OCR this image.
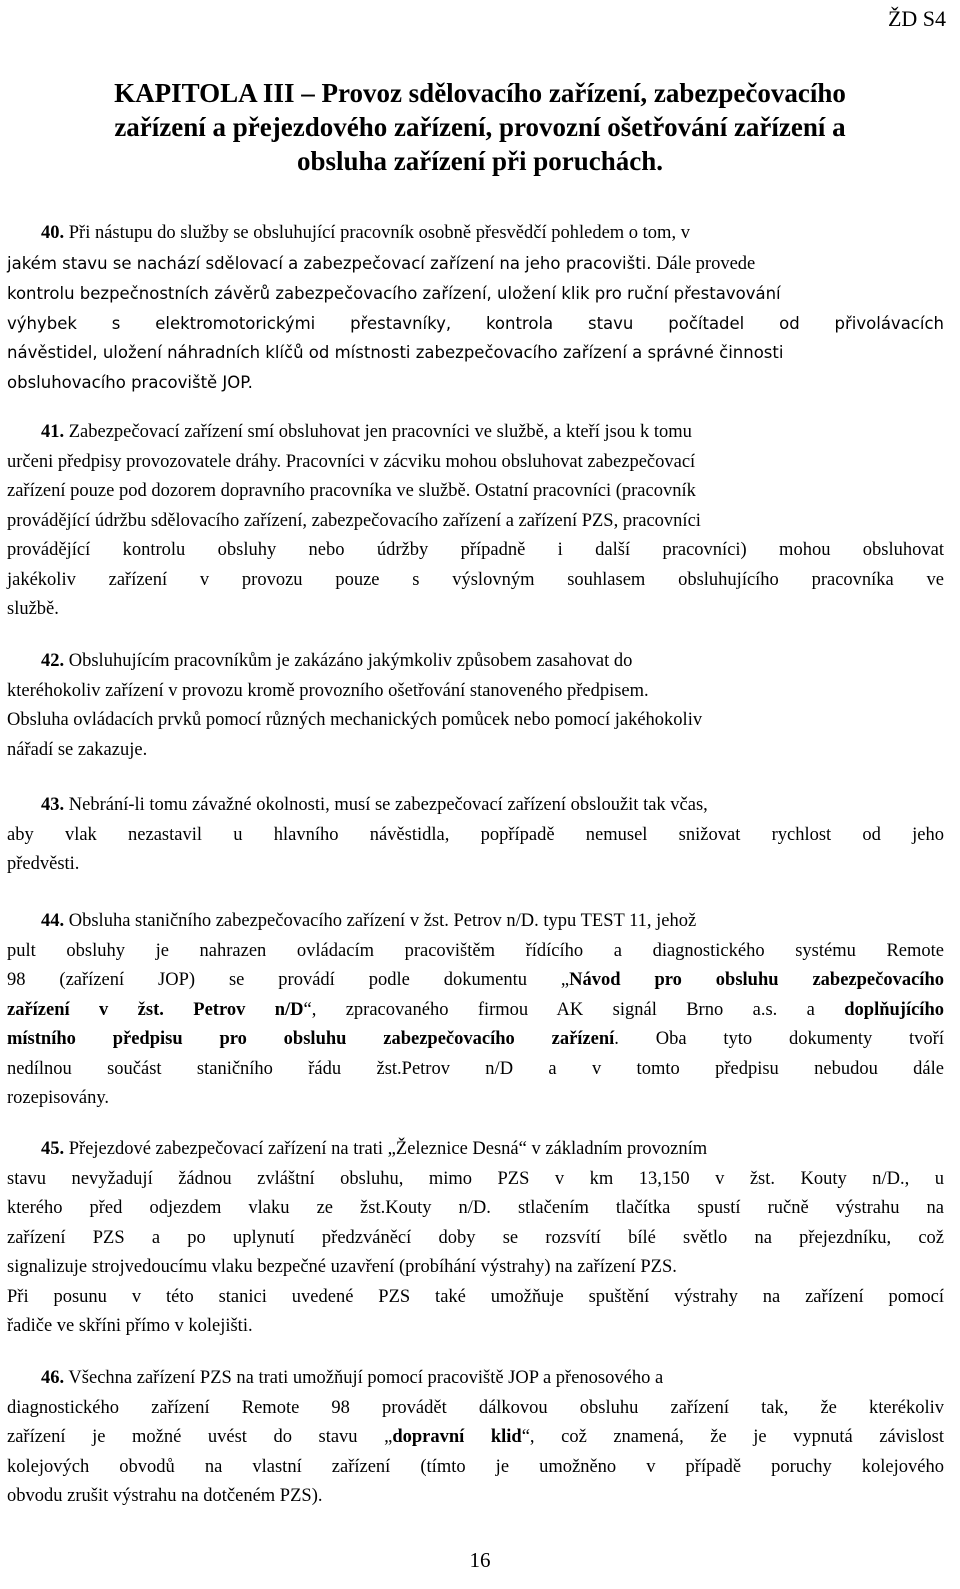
ŽD S4
KAPITOLA III – Provoz sdělovacího zařízení, zabezpečovacího
zařízení a přejezdového zařízení, provozní ošetřování zařízení a
obsluha zařízení při poruchách.
40. Při nástupu do služby se obsluhující pracovník osobně přesvědčí pohledem o tom, v
jakém stavu se nachází sdělovací a zabezpečovací zařízení na jeho pracovišti. Dále provede
kontrolu bezpečnostních závěrů zabezpečovacího zařízení, uložení klik pro ruční přestavování
výhybek s elektromotorickými přestavníky, kontrola stavu počítadel od přivolávacích
návěstidel, uložení náhradních klíčů od místnosti zabezpečovacího zařízení a správné činnosti
obsluhovacího pracoviště JOP.
41. Zabezpečovací zařízení smí obsluhovat jen pracovníci ve službě, a kteří jsou k tomu
určeni předpisy provozovatele dráhy. Pracovníci v zácviku mohou obsluhovat zabezpečovací
zařízení pouze pod dozorem dopravního pracovníka ve službě. Ostatní pracovníci (pracovník
provádějící údržbu sdělovacího zařízení, zabezpečovacího zařízení a zařízení PZS, pracovníci
provádějící kontrolu obsluhy nebo údržby případně i další pracovníci) mohou obsluhovat
jakékoliv zařízení v provozu pouze s výslovným souhlasem obsluhujícího pracovníka ve
službě.
42. Obsluhujícím pracovníkům je zakázáno jakýmkoliv způsobem zasahovat do
kteréhokoliv zařízení v provozu kromě provozního ošetřování stanoveného předpisem.
Obsluha ovládacích prvků pomocí různých mechanických pomůcek nebo pomocí jakéhokoliv
nářadí se zakazuje.
43. Nebrání-li tomu závažné okolnosti, musí se zabezpečovací zařízení obsloužit tak včas,
aby vlak nezastavil u hlavního návěstidla, popřípadě nemusel snižovat rychlost od jeho
předvěsti.
44. Obsluha staničního zabezpečovacího zařízení v žst. Petrov n/D. typu TEST 11, jehož
pult obsluhy je nahrazen ovládacím pracovištěm řídícího a diagnostického systému Remote
98 (zařízení JOP) se provádí podle dokumentu „Návod pro obsluhu zabezpečovacího
zařízení v žst. Petrov n/D“, zpracovaného firmou AK signál Brno a.s. a doplňujícího
místního předpisu pro obsluhu zabezpečovacího zařízení. Oba tyto dokumenty tvoří
nedílnou součást staničního řádu žst.Petrov n/D a v tomto předpisu nebudou dále
rozepisovány.
45. Přejezdové zabezpečovací zařízení na trati „Železnice Desná“ v základním provozním
stavu nevyžadují žádnou zvláštní obsluhu, mimo PZS v km 13,150 v žst. Kouty n/D., u
kterého před odjezdem vlaku ze žst.Kouty n/D. stlačením tlačítka spustí ručně výstrahu na
zařízení PZS a po uplynutí předzváněcí doby se rozsvítí bílé světlo na přejezdníku, což
signalizuje strojvedoucímu vlaku bezpečné uzavření (probíhání výstrahy) na zařízení PZS.
Při posunu v této stanici uvedené PZS také umožňuje spuštění výstrahy na zařízení pomocí
řadiče ve skříni přímo v kolejišti.
46. Všechna zařízení PZS na trati umožňují pomocí pracoviště JOP a přenosového a
diagnostického zařízení Remote 98 provádět dálkovou obsluhu zařízení tak, že kterékoliv
zařízení je možné uvést do stavu „dopravní klid“, což znamená, že je vypnutá závislost
kolejových obvodů na vlastní zařízení (tímto je umožněno v případě poruchy kolejového
obvodu zrušit výstrahu na dotčeném PZS).
16
